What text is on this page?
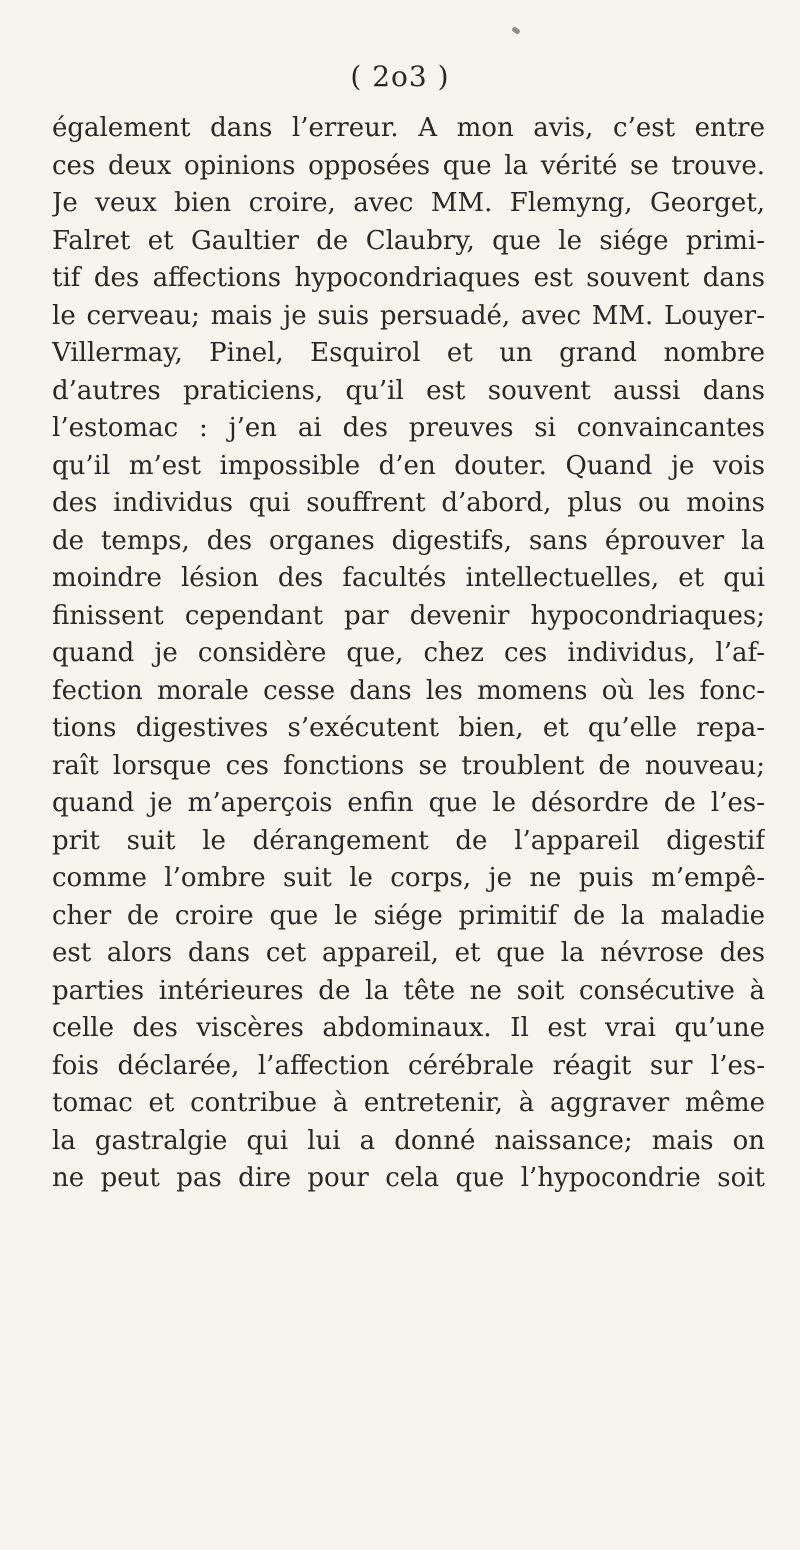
( 2o3 )
également dans l’erreur. A mon avis, c’est entre
ces deux opinions opposées que la vérité se trouve.
Je veux bien croire, avec MM. Flemyng, Georget,
Falret et Gaultier de Claubry, que le siége primi-
tif des affections hypocondriaques est souvent dans
le cerveau; mais je suis persuadé, avec MM. Louyer-
Villermay, Pinel, Esquirol et un grand nombre
d’autres praticiens, qu’il est souvent aussi dans
l’estomac : j’en ai des preuves si convaincantes
qu’il m’est impossible d’en douter. Quand je vois
des individus qui souffrent d’abord, plus ou moins
de temps, des organes digestifs, sans éprouver la
moindre lésion des facultés intellectuelles, et qui
finissent cependant par devenir hypocondriaques;
quand je considère que, chez ces individus, l’af-
fection morale cesse dans les momens où les fonc-
tions digestives s’exécutent bien, et qu’elle repa-
raît lorsque ces fonctions se troublent de nouveau;
quand je m’aperçois enfin que le désordre de l’es-
prit suit le dérangement de l’appareil digestif
comme l’ombre suit le corps, je ne puis m’empê-
cher de croire que le siége primitif de la maladie
est alors dans cet appareil, et que la névrose des
parties intérieures de la tête ne soit consécutive à
celle des viscères abdominaux. Il est vrai qu’une
fois déclarée, l’affection cérébrale réagit sur l’es-
tomac et contribue à entretenir, à aggraver même
la gastralgie qui lui a donné naissance; mais on
ne peut pas dire pour cela que l’hypocondrie soit
